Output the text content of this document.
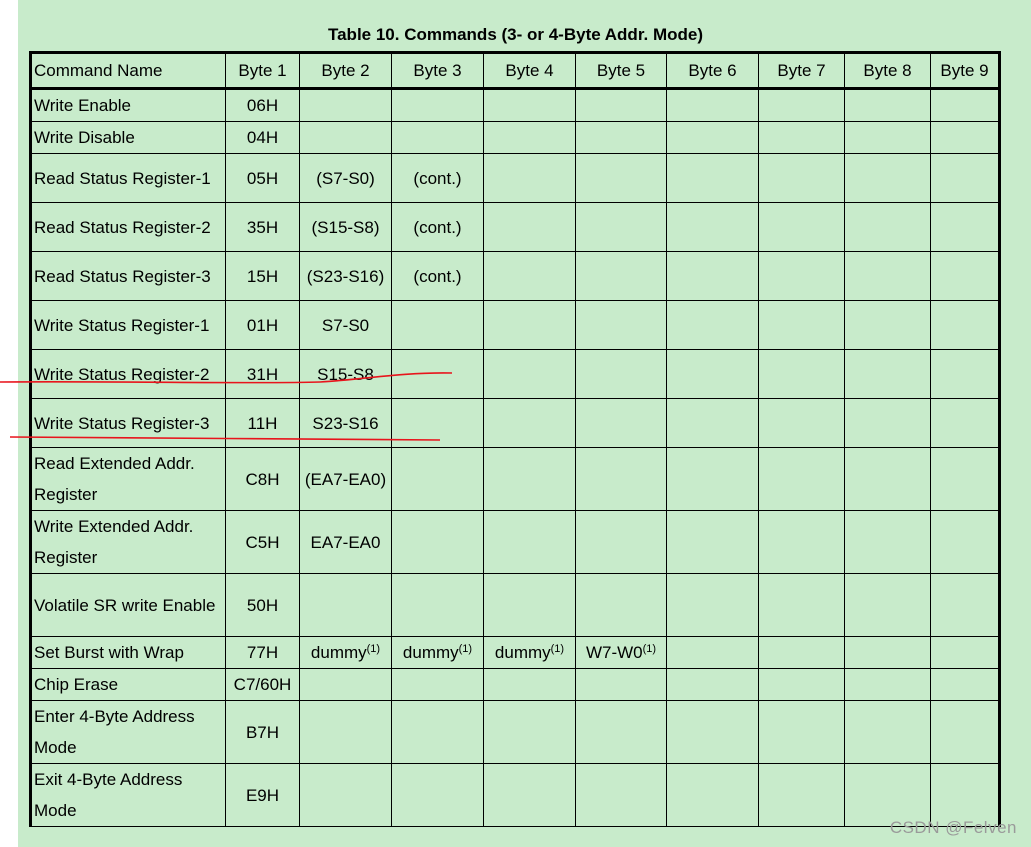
Table 10. Commands (3- or 4-Byte Addr. Mode)
Command Name	Byte 1	Byte 2	Byte 3	Byte 4	Byte 5	Byte 6	Byte 7	Byte 8	Byte 9
Write Enable	06H								
Write Disable	04H								
Read Status Register-1	05H	(S7-S0)	(cont.)						
Read Status Register-2	35H	(S15-S8)	(cont.)						
Read Status Register-3	15H	(S23-S16)	(cont.)						
Write Status Register-1	01H	S7-S0							
Write Status Register-2	31H	S15-S8							
Write Status Register-3	11H	S23-S16							
Read Extended Addr. Register	C8H	(EA7-EA0)							
Write Extended Addr. Register	C5H	EA7-EA0							
Volatile SR write Enable	50H								
Set Burst with Wrap	77H	dummy$^{(1)}$	dummy$^{(1)}$	dummy$^{(1)}$	W7-W0$^{(1)}$				
Chip Erase	C7/60H								
Enter 4-Byte Address Mode	B7H								
Exit 4-Byte Address Mode	E9H								
CSDN @Felven
